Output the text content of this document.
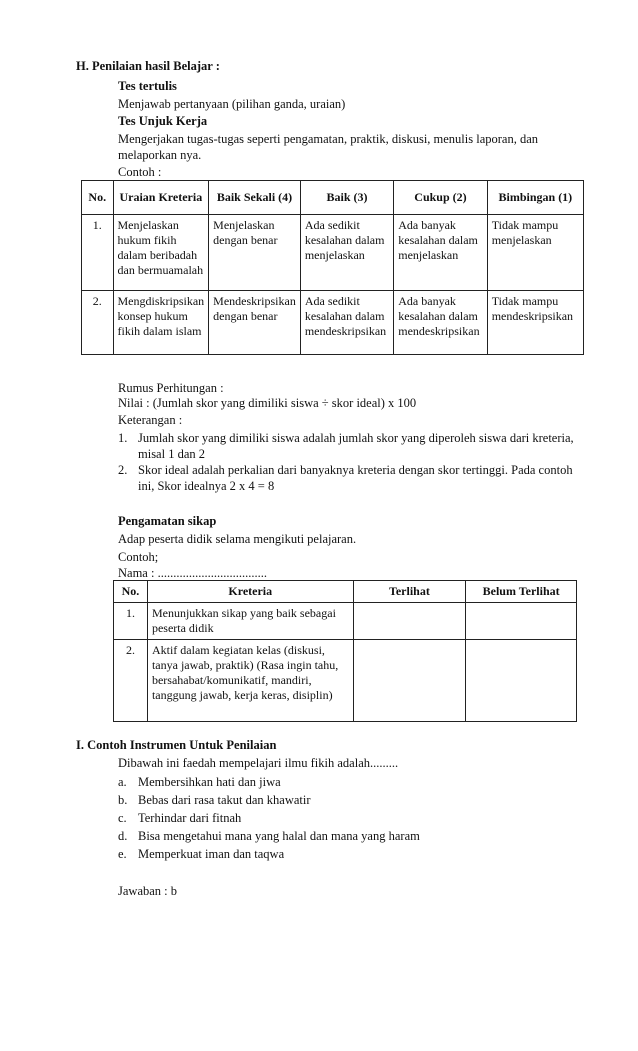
H. Penilaian hasil Belajar :
Tes tertulis
Menjawab pertanyaan (pilihan ganda, uraian)
Tes Unjuk Kerja
Mengerjakan tugas-tugas seperti pengamatan, praktik, diskusi, menulis laporan, dan
melaporkan nya.
Contoh :
No.	Uraian Kreteria	Baik Sekali (4)	Baik (3)	Cukup (2)	Bimbingan (1)
1.	Menjelaskan hukum fikih dalam beribadah dan bermuamalah	Menjelaskan dengan benar	Ada sedikit kesalahan dalam menjelaskan	Ada banyak kesalahan dalam menjelaskan	Tidak mampu menjelaskan
2.	Mengdiskripsikan konsep hukum fikih dalam islam	Mendeskripsikan dengan benar	Ada sedikit kesalahan dalam mendeskripsikan	Ada banyak kesalahan dalam mendeskripsikan	Tidak mampu mendeskripsikan
Rumus Perhitungan :
Nilai : (Jumlah skor yang dimiliki siswa ÷ skor ideal) x 100
Keterangan :
1. Jumlah skor yang dimiliki siswa adalah jumlah skor yang diperoleh siswa dari kreteria,
misal 1 dan 2
2. Skor ideal adalah perkalian dari banyaknya kreteria dengan skor tertinggi. Pada contoh
ini, Skor idealnya 2 x 4 = 8
Pengamatan sikap
Adap peserta didik selama mengikuti pelajaran.
Contoh;
Nama : ...................................
No.	Kreteria	Terlihat	Belum Terlihat
1.	Menunjukkan sikap yang baik sebagai peserta didik		
2.	Aktif dalam kegiatan kelas (diskusi, tanya jawab, praktik) (Rasa ingin tahu, bersahabat/komunikatif, mandiri, tanggung jawab, kerja keras, disiplin)		
I. Contoh Instrumen Untuk Penilaian
Dibawah ini faedah mempelajari ilmu fikih adalah.........
a. Membersihkan hati dan jiwa
b. Bebas dari rasa takut dan khawatir
c. Terhindar dari fitnah
d. Bisa mengetahui mana yang halal dan mana yang haram
e. Memperkuat iman dan taqwa
Jawaban : b
